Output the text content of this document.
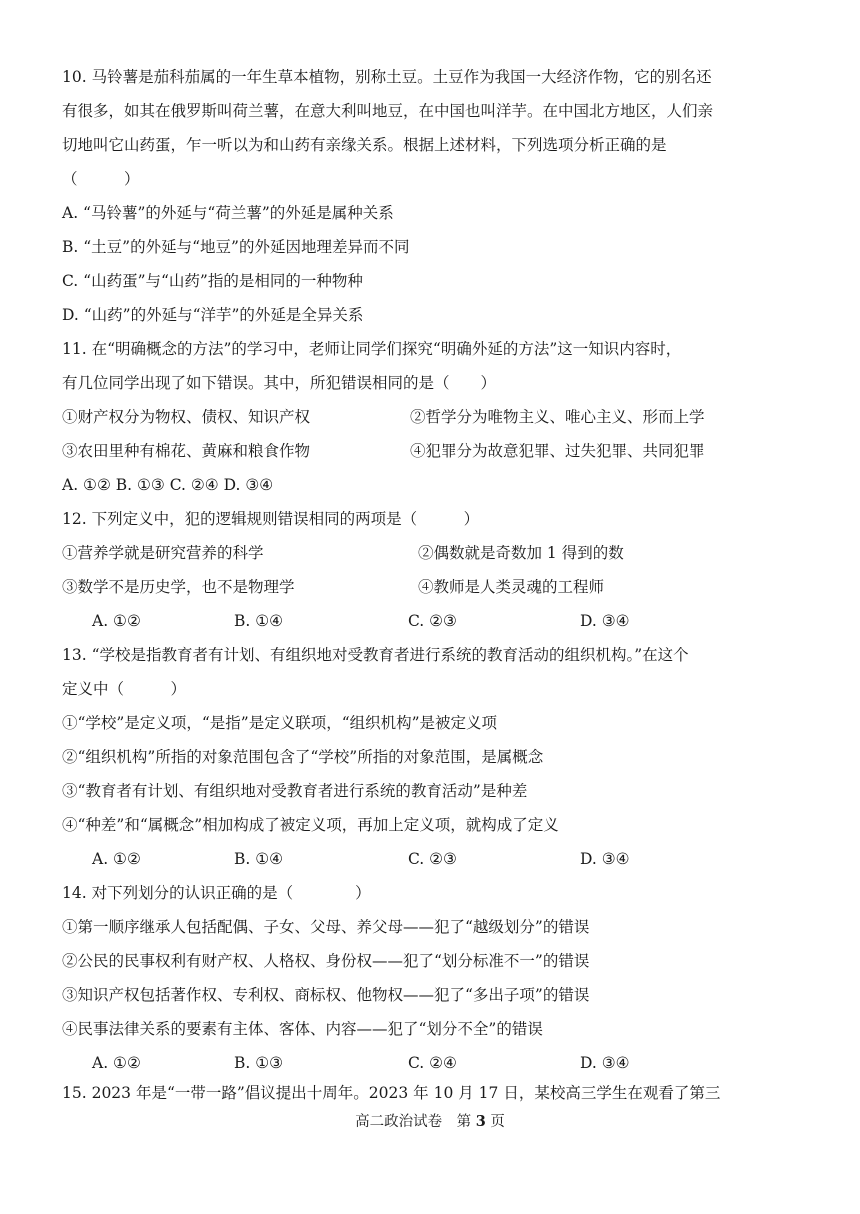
10. 马铃薯是茄科茄属的一年生草本植物，别称土豆。土豆作为我国一大经济作物，它的别名还
有很多，如其在俄罗斯叫荷兰薯，在意大利叫地豆，在中国也叫洋芋。在中国北方地区，人们亲
切地叫它山药蛋，乍一听以为和山药有亲缘关系。根据上述材料，下列选项分析正确的是
（　　　）
A. “马铃薯”的外延与“荷兰薯”的外延是属种关系
B. “土豆”的外延与“地豆”的外延因地理差异而不同
C. “山药蛋”与“山药”指的是相同的一种物种
D. “山药”的外延与“洋芋”的外延是全异关系
11. 在“明确概念的方法”的学习中，老师让同学们探究“明确外延的方法”这一知识内容时，
有几位同学出现了如下错误。其中，所犯错误相同的是（　　）
①财产权分为物权、债权、知识产权	②哲学分为唯物主义、唯心主义、形而上学
③农田里种有棉花、黄麻和粮食作物	④犯罪分为故意犯罪、过失犯罪、共同犯罪
A. ①② B. ①③ C. ②④ D. ③④
12. 下列定义中，犯的逻辑规则错误相同的两项是（　　　）
①营养学就是研究营养的科学	②偶数就是奇数加 1 得到的数
③数学不是历史学，也不是物理学	④教师是人类灵魂的工程师
A. ①②	B. ①④	C. ②③	D. ③④
13. “学校是指教育者有计划、有组织地对受教育者进行系统的教育活动的组织机构。”在这个
定义中（　　　）
①“学校”是定义项，“是指”是定义联项，“组织机构”是被定义项
②“组织机构”所指的对象范围包含了“学校”所指的对象范围，是属概念
③“教育者有计划、有组织地对受教育者进行系统的教育活动”是种差
④“种差”和“属概念”相加构成了被定义项，再加上定义项，就构成了定义
A. ①②	B. ①④	C. ②③	D. ③④
14. 对下列划分的认识正确的是（　　　　）
①第一顺序继承人包括配偶、子女、父母、养父母——犯了“越级划分”的错误
②公民的民事权利有财产权、人格权、身份权——犯了“划分标准不一”的错误
③知识产权包括著作权、专利权、商标权、他物权——犯了“多出子项”的错误
④民事法律关系的要素有主体、客体、内容——犯了“划分不全”的错误
A. ①②	B. ①③	C. ②④	D. ③④
15. 2023 年是“一带一路”倡议提出十周年。2023 年 10 月 17 日，某校高三学生在观看了第三
高二政治试卷　第 3 页
